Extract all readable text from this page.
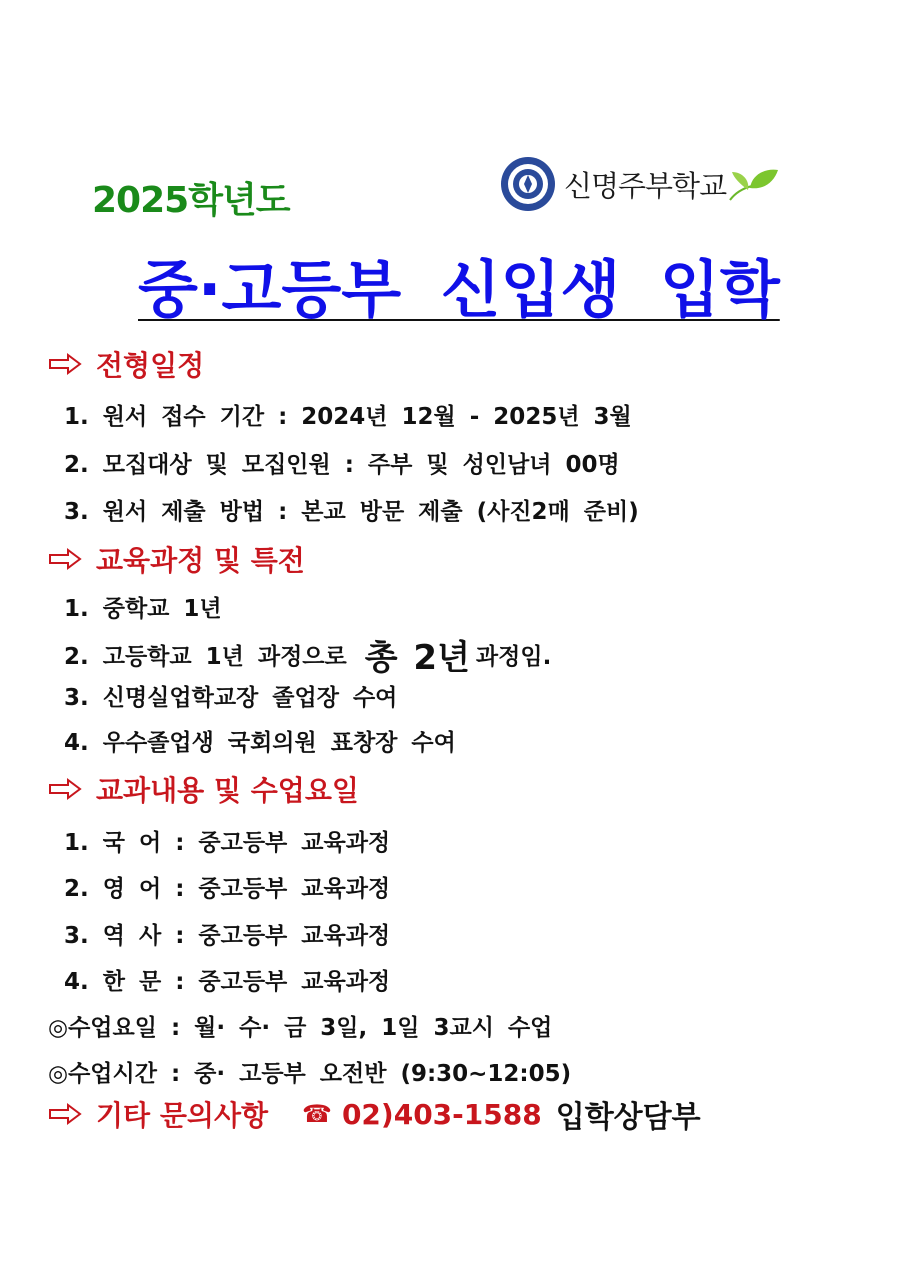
2025학년도	신명주부학교
중·고등부 신입생 입학
전형일정
1. 원서 접수 기간 : 2024년 12월 - 2025년 3월
2. 모집대상 및 모집인원 : 주부 및 성인남녀 00명
3. 원서 제출 방법 : 본교 방문 제출 (사진2매 준비)
교육과정 및 특전
1. 중학교 1년
2. 고등학교 1년 과정으로 총 2년 과정임.
3. 신명실업학교장 졸업장 수여
4. 우수졸업생 국회의원 표창장 수여
교과내용 및 수업요일
1. 국 어 : 중고등부 교육과정
2. 영 어 : 중고등부 교육과정
3. 역 사 : 중고등부 교육과정
4. 한 문 : 중고등부 교육과정
◎수업요일 : 월· 수· 금 3일, 1일 3교시 수업
◎수업시간 : 중· 고등부 오전반 (9:30~12:05)
기타 문의사항 ☎ 02)403-1588 입학상담부
